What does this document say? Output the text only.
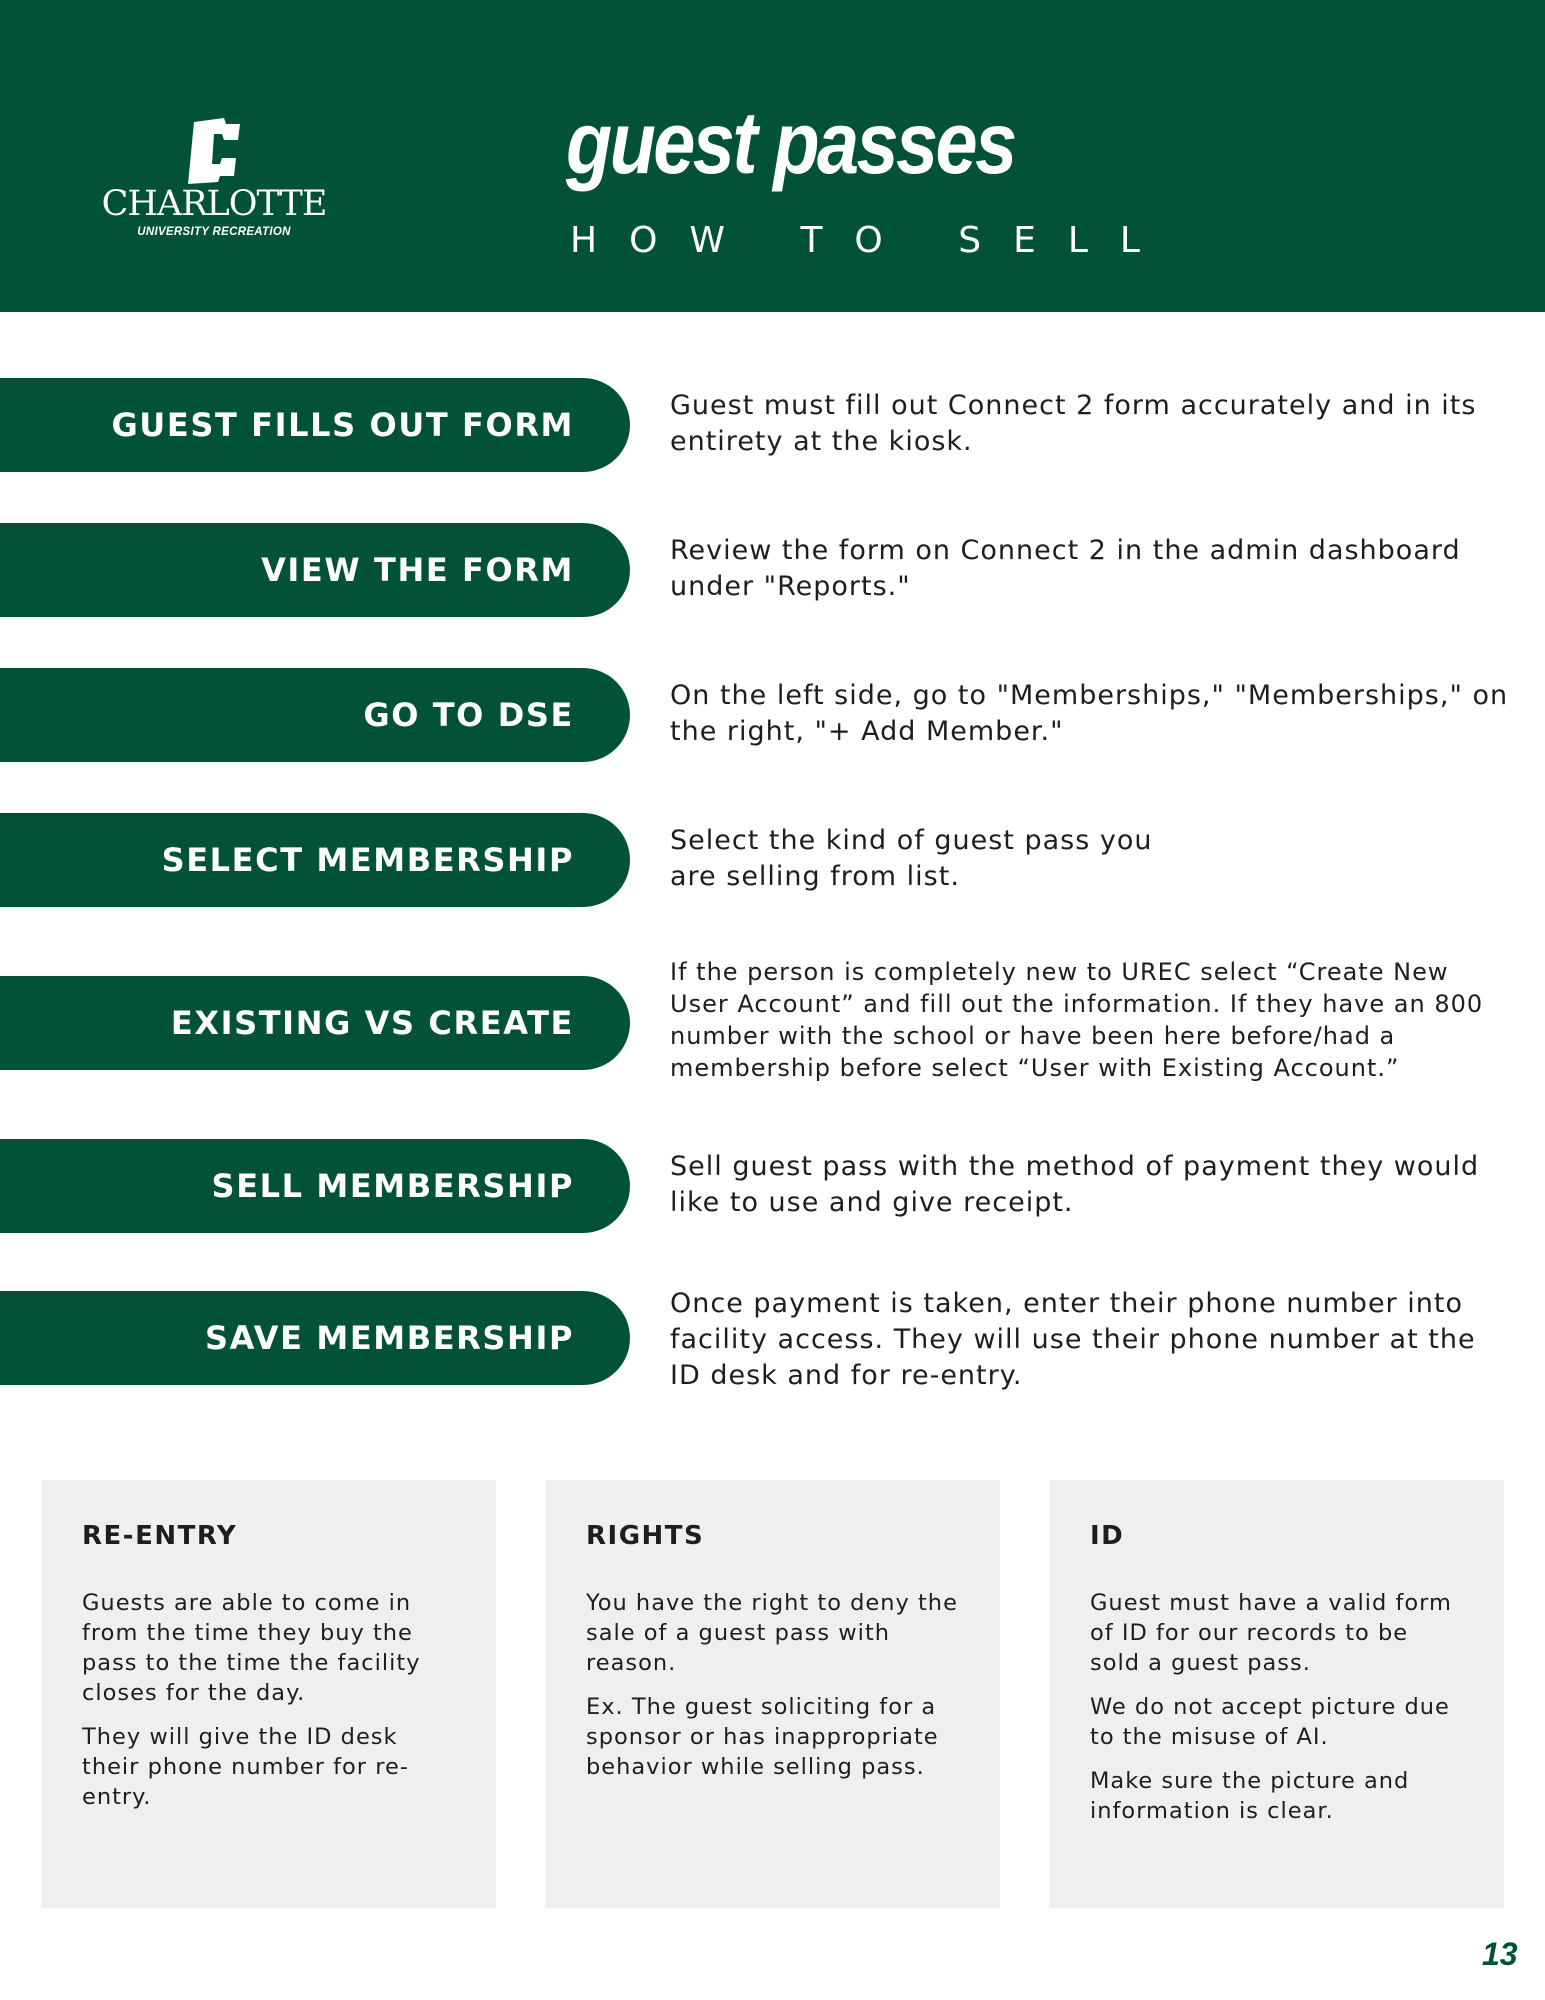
CHARLOTTE
UNIVERSITY RECREATION
guest passes
HOW TO SELL
GUEST FILLS OUT FORM
Guest must fill out Connect 2 form accurately and in its entirety at the kiosk.
VIEW THE FORM
Review the form on Connect 2 in the admin dashboard under "Reports."
GO TO DSE
On the left side, go to "Memberships," "Memberships," on the right, "+ Add Member."
SELECT MEMBERSHIP
Select the kind of guest pass you are selling from list.
EXISTING VS CREATE
If the person is completely new to UREC select “Create New User Account” and fill out the information. If they have an 800 number with the school or have been here before/had a membership before select “User with Existing Account.”
SELL MEMBERSHIP
Sell guest pass with the method of payment they would like to use and give receipt.
SAVE MEMBERSHIP
Once payment is taken, enter their phone number into facility access. They will use their phone number at the ID desk and for re-entry.
RE-ENTRY

Guests are able to come in from the time they buy the pass to the time the facility closes for the day.

They will give the ID desk their phone number for re-entry.

RIGHTS

You have the right to deny the sale of a guest pass with reason.

Ex. The guest soliciting for a sponsor or has inappropriate behavior while selling pass.

ID

Guest must have a valid form of ID for our records to be sold a guest pass.

We do not accept picture due to the misuse of AI.

Make sure the picture and information is clear.

13
